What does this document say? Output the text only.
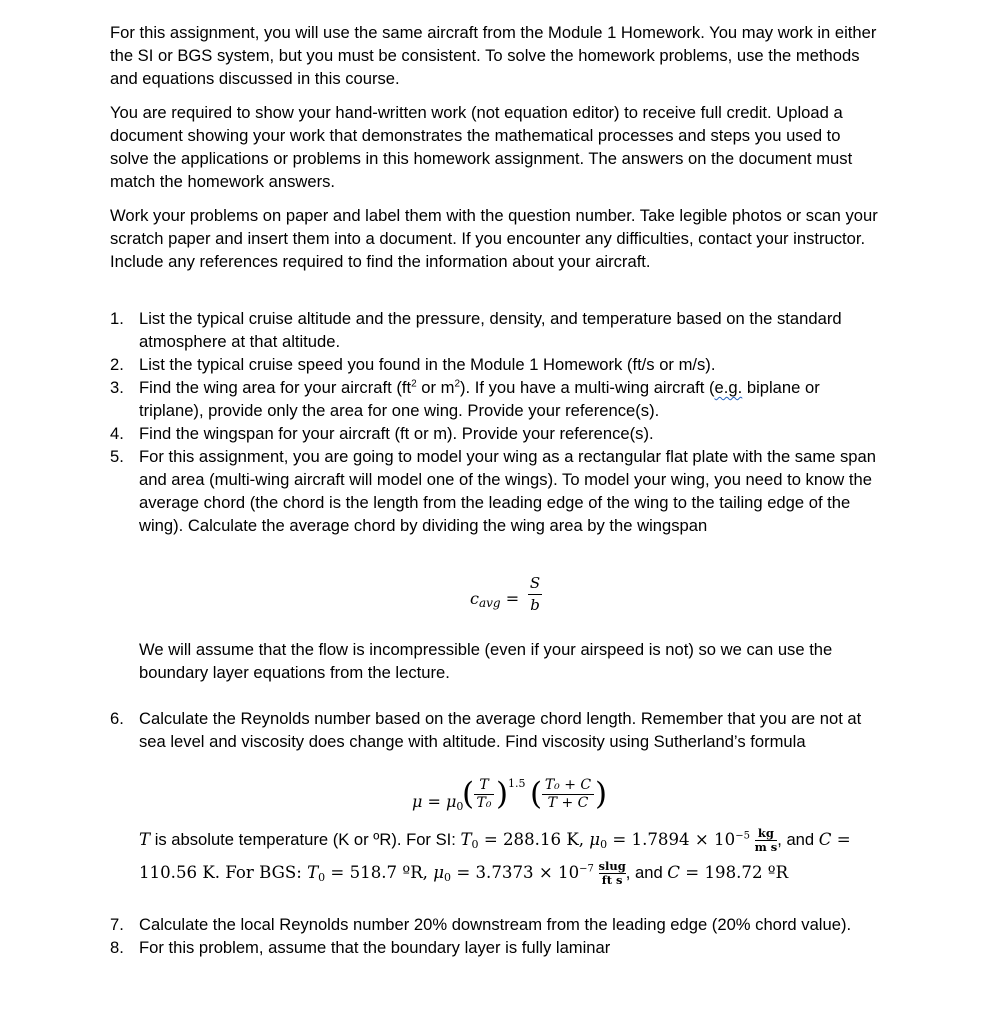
For this assignment, you will use the same aircraft from the Module 1 Homework. You may work in either the SI or BGS system, but you must be consistent. To solve the homework problems, use the methods and equations discussed in this course.

You are required to show your hand-written work (not equation editor) to receive full credit. Upload a document showing your work that demonstrates the mathematical processes and steps you used to solve the applications or problems in this homework assignment. The answers on the document must match the homework answers.

Work your problems on paper and label them with the question number. Take legible photos or scan your scratch paper and insert them into a document. If you encounter any difficulties, contact your instructor. Include any references required to find the information about your aircraft.

1. List the typical cruise altitude and the pressure, density, and temperature based on the standard atmosphere at that altitude.
2. List the typical cruise speed you found in the Module 1 Homework (ft/s or m/s).
3. Find the wing area for your aircraft ($ft^2$ or $m^2$). If you have a multi-wing aircraft (e.g. biplane or triplane), provide only the area for one wing. Provide your reference(s).
4. Find the wingspan for your aircraft (ft or m). Provide your reference(s).
5. For this assignment, you are going to model your wing as a rectangular flat plate with the same span and area (multi-wing aircraft will model one of the wings). To model your wing, you need to know the average chord (the chord is the length from the leading edge of the wing to the tailing edge of the wing). Calculate the average chord by dividing the wing area by the wingspan
cavg =
S
b

We will assume that the flow is incompressible (even if your airspeed is not) so we can use the boundary layer equations from the lecture.

6. Calculate the Reynolds number based on the average chord length. Remember that you are not at sea level and viscosity does change with altitude. Find viscosity using Sutherland’s formula
μ = μ0
( T
T₀ ) 1.5 ( T₀ + C
T + C )
T is absolute temperature (K or ºR). For SI: T0 = 288.16 K, $\mu 0 = 1.7894 \times 10^{-5} \frac{kg}{\text{m s}}$ , and C =
110.56 K. For BGS: T0 = 518.7 ºR, $\mu 0 = 3.7373 \times 10^{-7}$ slug
ft s , and C = 198.72 ºR
7. Calculate the local Reynolds number 20% downstream from the leading edge (20% chord value).
8. For this problem, assume that the boundary layer is fully laminar
